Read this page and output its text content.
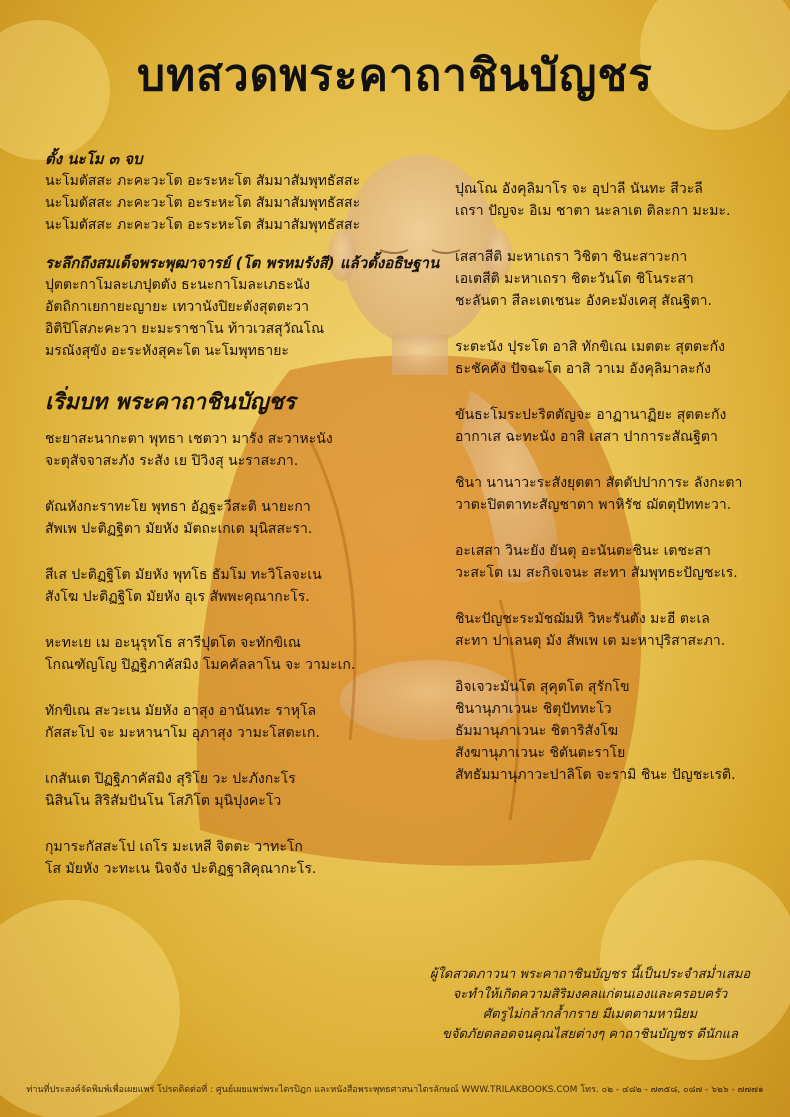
บทสวดพระคาถาชินบัญชร

ตั้ง นะโม ๓ จบ

นะโมตัสสะ ภะคะวะโต อะระหะโต สัมมาสัมพุทธัสสะ

นะโมตัสสะ ภะคะวะโต อะระหะโต สัมมาสัมพุทธัสสะ

นะโมตัสสะ ภะคะวะโต อะระหะโต สัมมาสัมพุทธัสสะ

ระลึกถึงสมเด็จพระพุฒาจารย์ (โต พรหมรังสี) แล้วตั้งอธิษฐาน

ปุตตะกาโมละเภปุตตัง ธะนะกาโมละเภธะนัง

อัตถิกาเยกายะญายะ เทวานังปิยะตังสุตตะวา

อิติปิโสภะคะวา ยะมะราชาโน ท้าวเวสสุวัณโณ

มรณังสุขัง อะระหังสุคะโต นะโมพุทธายะ

เริ่มบท พระคาถาชินบัญชร

ชะยาสะนากะตา พุทธา เชตวา มารัง สะวาหะนัง

จะตุสัจจาสะภัง ระสัง เย ปิวิงสุ นะราสะภา.

ตัณหังกะราทะโย พุทธา อัฏฐะวีสะติ นายะกา

สัพเพ ปะติฏฐิตา มัยหัง มัตถะเกเต มุนิสสะรา.

สีเส ปะติฏฐิโต มัยหัง พุทโธ ธัมโม ทะวิโลจะเน

สังโฆ ปะติฏฐิโต มัยหัง อุเร สัพพะคุณากะโร.

หะทะเย เม อะนุรุทโธ สารีปุตโต จะทักขิเณ

โกณฑัญโญ ปิฏฐิภาคัสมิง โมคคัลลาโน จะ วามะเก.

ทักขิเณ สะวะเน มัยหัง อาสุง อานันทะ ราหุโล

กัสสะโป จะ มะหานาโม อุภาสุง วามะโสตะเก.

เกสันเต ปิฏฐิภาคัสมิง สุริโย วะ ปะภังกะโร

นิสินโน สิริสัมปันโน โสภิโต มุนิปุงคะโว

กุมาระกัสสะโป เถโร มะเหสี จิตตะ วาทะโก

โส มัยหัง วะทะเน นิจจัง ปะติฏฐาสิคุณากะโร.

ปุณโณ อังคุลิมาโร จะ อุปาลี นันทะ สีวะลี

เถรา ปัญจะ อิเม ชาตา นะลาเต ติละกา มะมะ.

เสสาสีติ มะหาเถรา วิชิตา ชินะสาวะกา

เอเตสีติ มะหาเถรา ชิตะวันโต ชิโนระสา

ชะลันตา สีละเตเชนะ อังคะมังเคสุ สัณฐิตา.

ระตะนัง ปุระโต อาสิ ทักขิเณ เมตตะ สุตตะกัง

ธะชัคคัง ปัจฉะโต อาสิ วาเม อังคุลิมาละกัง

ขันธะโมระปะริตตัญจะ อาฏานาฏิยะ สุตตะกัง

อากาเส ฉะทะนัง อาสิ เสสา ปาการะสัณฐิตา

ชินา นานาวะระสังยุตตา สัตตัปปาการะ ลังกะตา

วาตะปิตตาทะสัญชาตา พาหิรัช ฌัตตุปัททะวา.

อะเสสา วินะยัง ยันตุ อะนันตะชินะ เตชะสา

วะสะโต เม สะกิจเจนะ สะทา สัมพุทธะปัญชะเร.

ชินะปัญชะระมัชฌัมหิ วิหะรันตัง มะฮี ตะเล

สะทา ปาเลนตุ มัง สัพเพ เต มะหาปุริสาสะภา.

อิจเจวะมันโต สุคุตโต สุรักโข

ชินานุภาเวนะ ชิตุปัททะโว

ธัมมานุภาเวนะ ชิตาริสังโฆ

สังฆานุภาเวนะ ชิตันตะราโย

สัทธัมมานุภาวะปาลิโต จะรามิ ชินะ ปัญชะเรติ.

ผู้ใดสวดภาวนา พระคาถาชินบัญชร นี้เป็นประจำสม่ำเสมอ

จะทำให้เกิดความสิริมงคลแก่ตนเองและครอบครัว

ศัตรูไม่กล้ากล้ำกราย มีเมตตามหานิยม

ขจัดภัยตลอดจนคุณไสยต่างๆ คาถาชินบัญชร ดีนักแล

ท่านที่ประสงค์จัดพิมพ์เพื่อเผยแพร่ โปรดติดต่อที่ : ศูนย์เผยแพร่พระไตรปิฎก และหนังสือพระพุทธศาสนาไตรลักษณ์ WWW.TRILAKBOOKS.COM โทร. ๐๒ - ๔๘๒ - ๗๓๕๘, ๐๘๗ - ๖๒๖ - ๗๗๗๑
